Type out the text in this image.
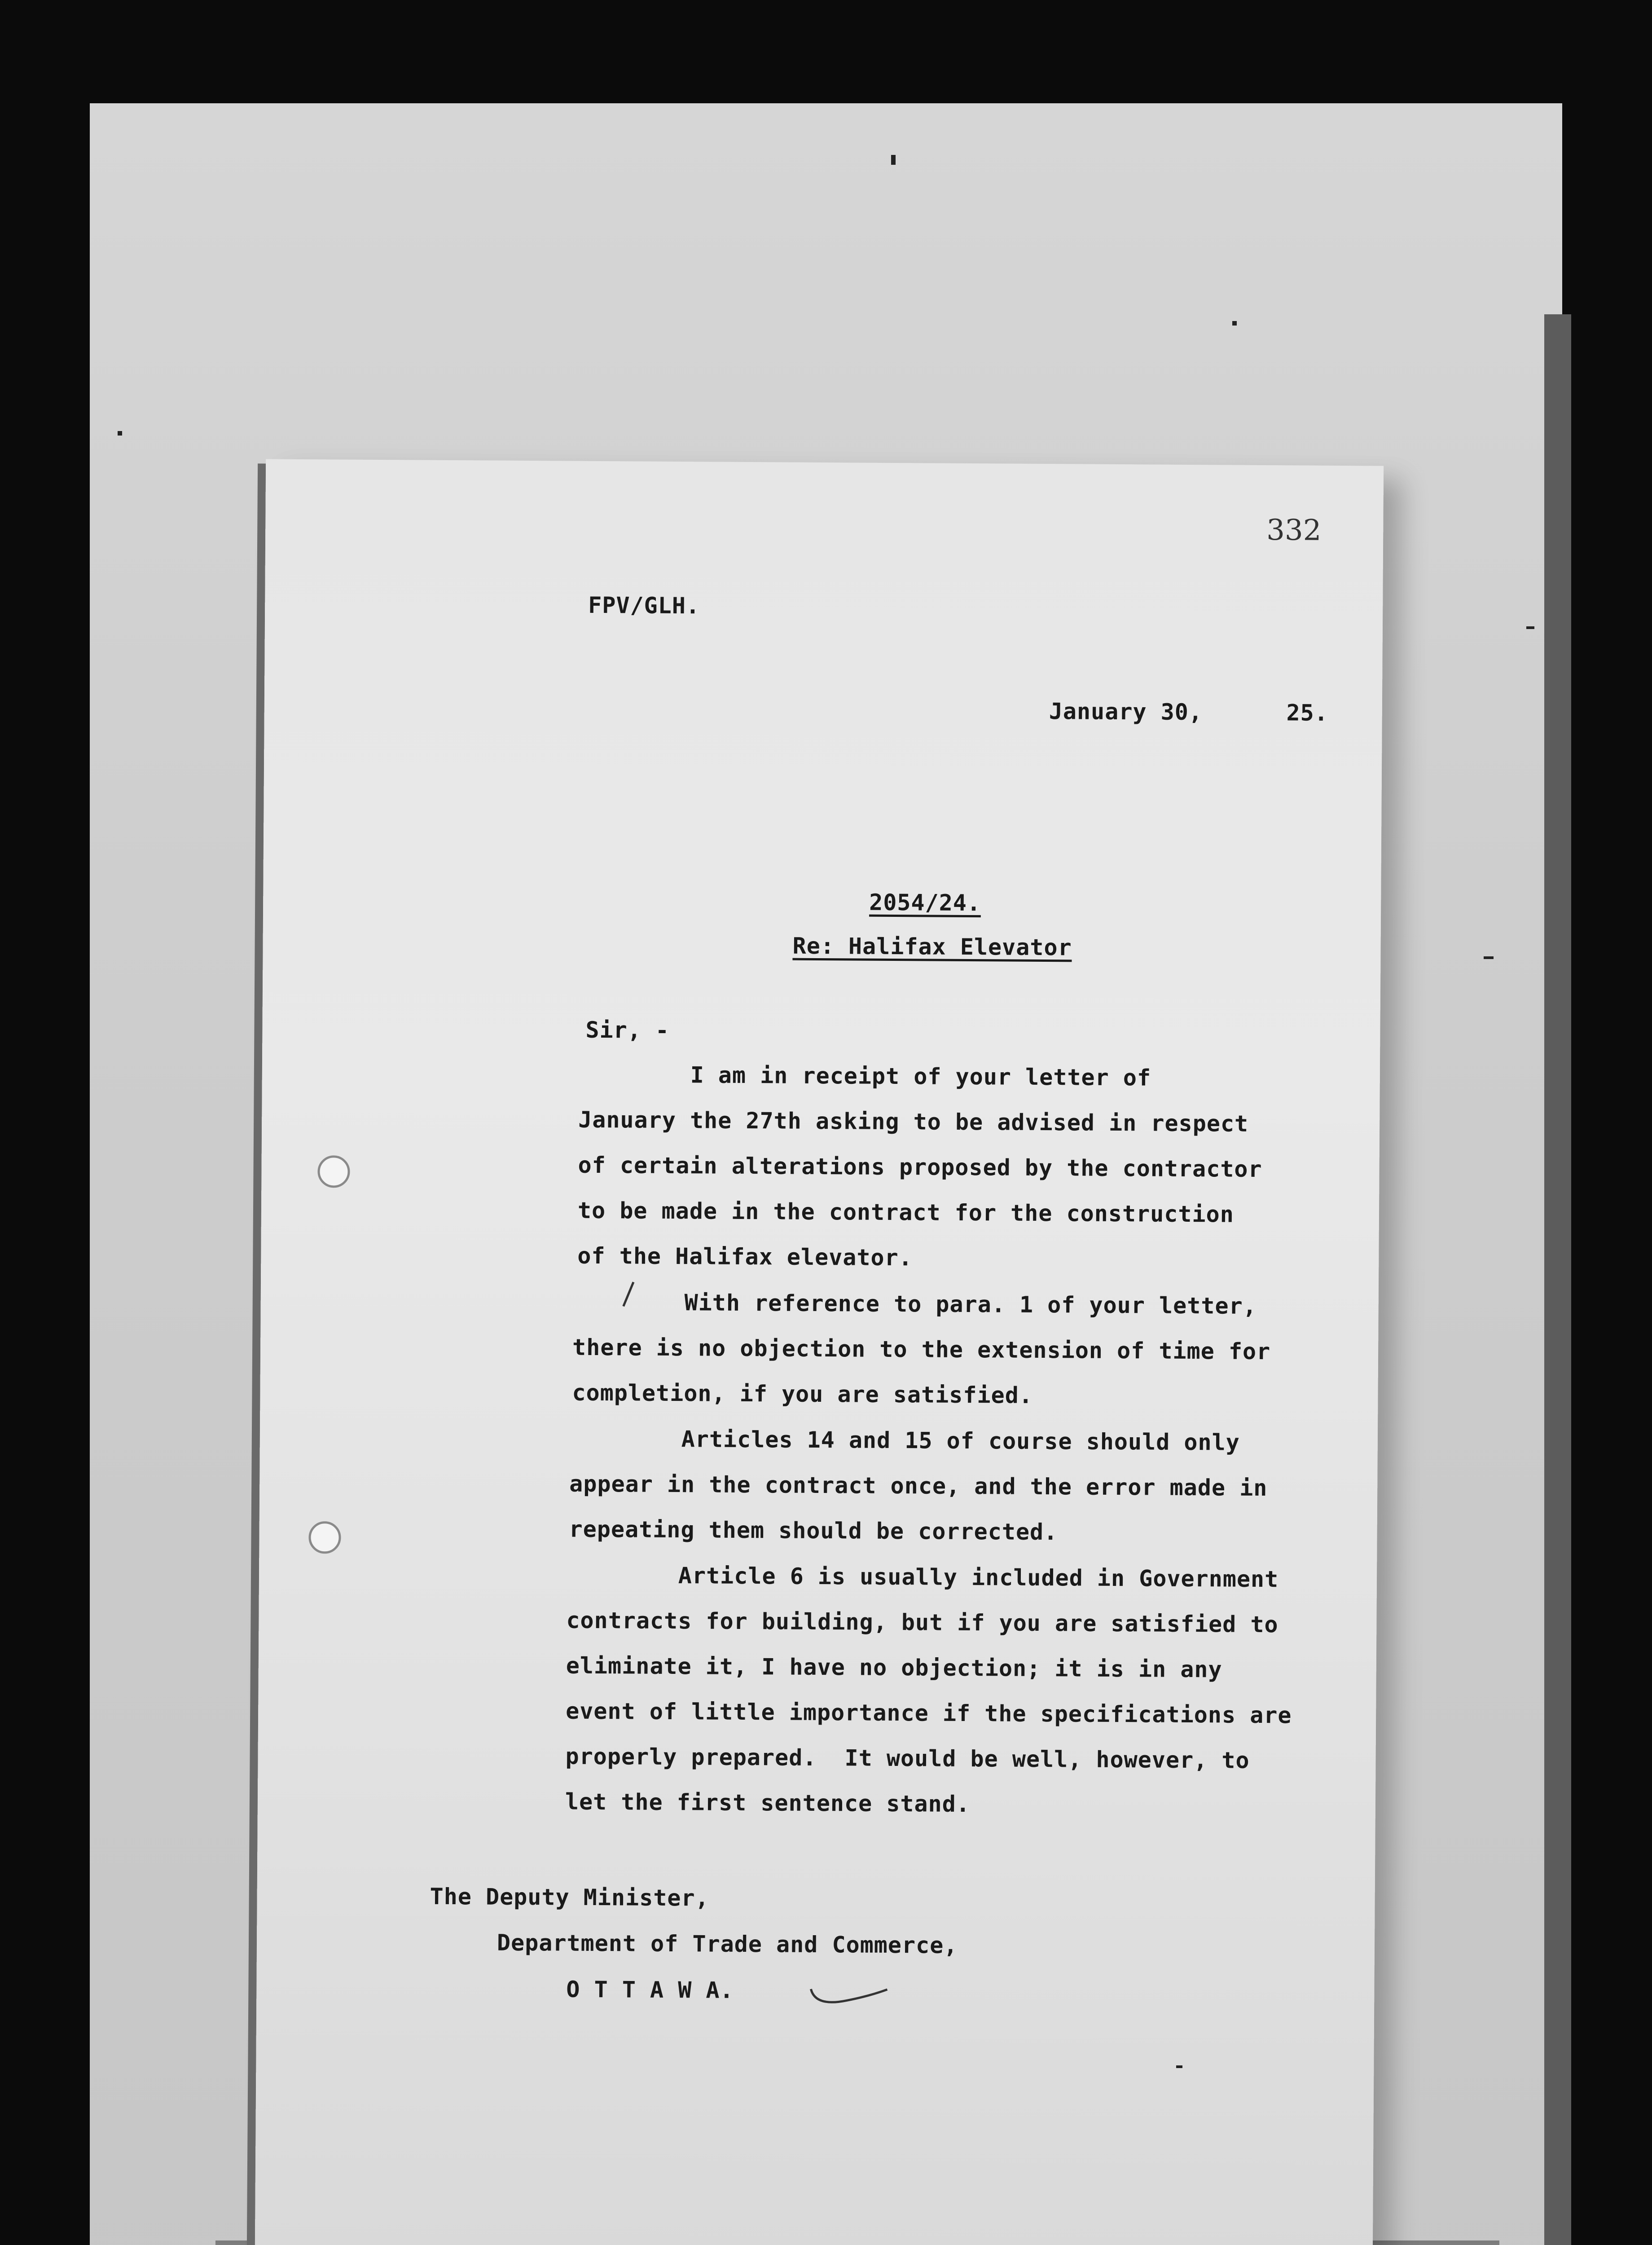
332
FPV/GLH.
January 30,      25.
2054/24.
Re: Halifax Elevator
Sir, -
I am in receipt of your letter of
January the 27th asking to be advised in respect
of certain alterations proposed by the contractor
to be made in the contract for the construction
of the Halifax elevator.
With reference to para. 1 of your letter,
there is no objection to the extension of time for
completion, if you are satisfied.
Articles 14 and 15 of course should only
appear in the contract once, and the error made in
repeating them should be corrected.
Article 6 is usually included in Government
contracts for building, but if you are satisfied to
eliminate it, I have no objection; it is in any
event of little importance if the specifications are
properly prepared.  It would be well, however, to
let the first sentence stand.
The Deputy Minister,
Department of Trade and Commerce,
O T T A W A.
